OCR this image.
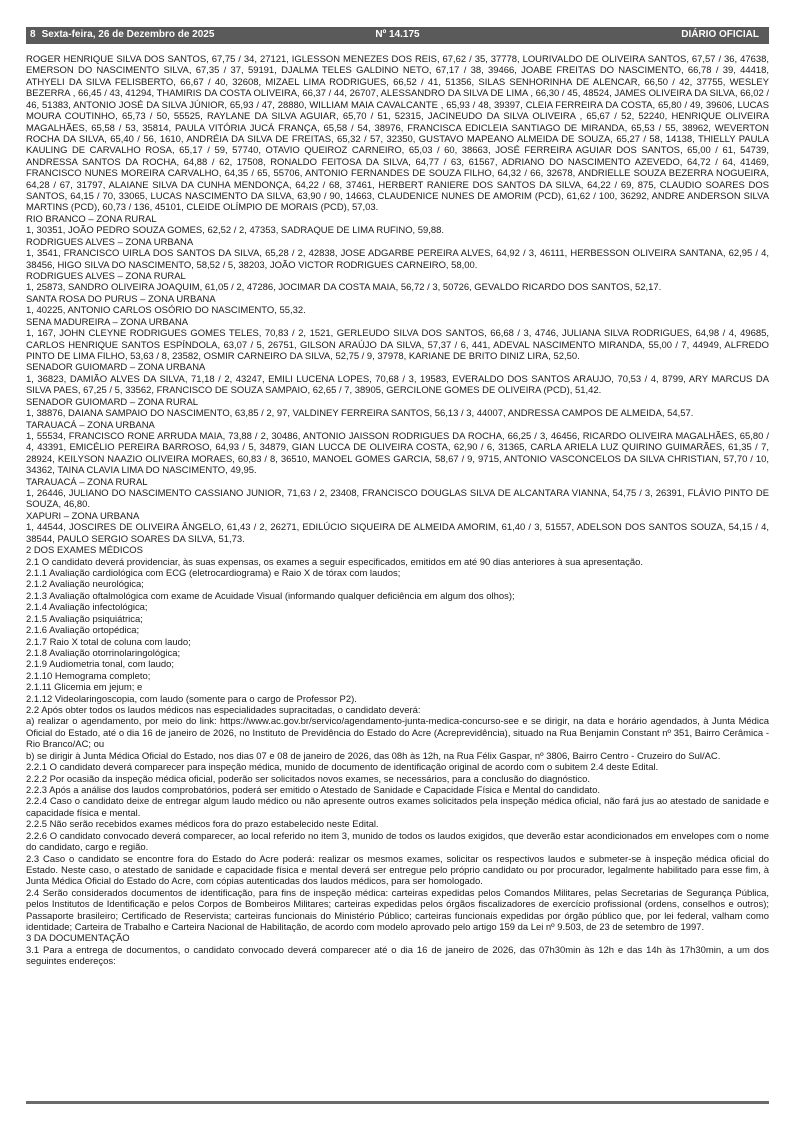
8 Sexta-feira, 26 de Dezembro de 2025	Nº 14.175	DIÁRIO OFICIAL

ROGER HENRIQUE SILVA DOS SANTOS, 67,75 / 34, 27121, IGLESSON MENEZES DOS REIS, 67,62 / 35, 37778, LOURIVALDO DE OLIVEIRA SANTOS, 67,57 / 36, 47638, EMERSON DO NASCIMENTO SILVA, 67,35 / 37, 59191, DJALMA TELES GALDINO NETO, 67,17 / 38, 39466, JOABE FREITAS DO NASCIMENTO, 66,78 / 39, 44418, ATHYELI DA SILVA FELISBERTO, 66,67 / 40, 32608, MIZAEL LIMA RODRIGUES, 66,52 / 41, 51356, SILAS SENHORINHA DE ALENCAR, 66,50 / 42, 37755, WESLEY BEZERRA , 66,45 / 43, 41294, THAMIRIS DA COSTA OLIVEIRA, 66,37 / 44, 26707, ALESSANDRO DA SILVA DE LIMA , 66,30 / 45, 48524, JAMES OLIVEIRA DA SILVA, 66,02 / 46, 51383, ANTONIO JOSÉ DA SILVA JÚNIOR, 65,93 / 47, 28880, WILLIAM MAIA CAVALCANTE , 65,93 / 48, 39397, CLEIA FERREIRA DA COSTA, 65,80 / 49, 39606, LUCAS MOURA COUTINHO, 65,73 / 50, 55525, RAYLANE DA SILVA AGUIAR, 65,70 / 51, 52315, JACINEUDO DA SILVA OLIVEIRA , 65,67 / 52, 52240, HENRIQUE OLIVEIRA MAGALHÃES, 65,58 / 53, 35814, PAULA VITÓRIA JUCÁ FRANÇA, 65,58 / 54, 38976, FRANCISCA EDICLEIA SANTIAGO DE MIRANDA, 65,53 / 55, 38962, WEVERTON ROCHA DA SILVA, 65,40 / 56, 1610, ANDRÉIA DA SILVA DE FREITAS, 65,32 / 57, 32350, GUSTAVO MAPEANO ALMEIDA DE SOUZA, 65,27 / 58, 14138, THIELLY PAULA KAULING DE CARVALHO ROSA, 65,17 / 59, 57740, OTAVIO QUEIROZ CARNEIRO, 65,03 / 60, 38663, JOSÉ FERREIRA AGUIAR DOS SANTOS, 65,00 / 61, 54739, ANDRESSA SANTOS DA ROCHA, 64,88 / 62, 17508, RONALDO FEITOSA DA SILVA, 64,77 / 63, 61567, ADRIANO DO NASCIMENTO AZEVEDO, 64,72 / 64, 41469, FRANCISCO NUNES MOREIRA CARVALHO, 64,35 / 65, 55706, ANTONIO FERNANDES DE SOUZA FILHO, 64,32 / 66, 32678, ANDRIELLE SOUZA BEZERRA NOGUEIRA, 64,28 / 67, 31797, ALAIANE SILVA DA CUNHA MENDONÇA, 64,22 / 68, 37461, HERBERT RANIERE DOS SANTOS DA SILVA, 64,22 / 69, 875, CLAUDIO SOARES DOS SANTOS, 64,15 / 70, 33065, LUCAS NASCIMENTO DA SILVA, 63,90 / 90, 14663, CLAUDENICE NUNES DE AMORIM (PCD), 61,62 / 100, 36292, ANDRE ANDERSON SILVA MARTINS (PCD), 60,73 / 136, 45101, CLEIDE OLÍMPIO DE MORAIS (PCD), 57,03.

RIO BRANCO – ZONA RURAL

1, 30351, JOÃO PEDRO SOUZA GOMES, 62,52 / 2, 47353, SADRAQUE DE LIMA RUFINO, 59,88.

RODRIGUES ALVES – ZONA URBANA

1, 3541, FRANCISCO UIRLA DOS SANTOS DA SILVA, 65,28 / 2, 42838, JOSE ADGARBE PEREIRA ALVES, 64,92 / 3, 46111, HERBESSON OLIVEIRA SANTANA, 62,95 / 4, 38456, HIGO SILVA DO NASCIMENTO, 58,52 / 5, 38203, JOÃO VICTOR RODRIGUES CARNEIRO, 58,00.

RODRIGUES ALVES – ZONA RURAL

1, 25873, SANDRO OLIVEIRA JOAQUIM, 61,05 / 2, 47286, JOCIMAR DA COSTA MAIA, 56,72 / 3, 50726, GEVALDO RICARDO DOS SANTOS, 52,17.

SANTA ROSA DO PURUS – ZONA URBANA

1, 40225, ANTONIO CARLOS OSÓRIO DO NASCIMENTO, 55,32.

SENA MADUREIRA – ZONA URBANA

1, 167, JOHN CLEYNE RODRIGUES GOMES TELES, 70,83 / 2, 1521, GERLEUDO SILVA DOS SANTOS, 66,68 / 3, 4746, JULIANA SILVA RODRIGUES, 64,98 / 4, 49685, CARLOS HENRIQUE SANTOS ESPÍNDOLA, 63,07 / 5, 26751, GILSON ARAÚJO DA SILVA, 57,37 / 6, 441, ADEVAL NASCIMENTO MIRANDA, 55,00 / 7, 44949, ALFREDO PINTO DE LIMA FILHO, 53,63 / 8, 23582, OSMIR CARNEIRO DA SILVA, 52,75 / 9, 37978, KARIANE DE BRITO DINIZ LIRA, 52,50.

SENADOR GUIOMARD – ZONA URBANA

1, 36823, DAMIÃO ALVES DA SILVA, 71,18 / 2, 43247, EMILI LUCENA LOPES, 70,68 / 3, 19583, EVERALDO DOS SANTOS ARAUJO, 70,53 / 4, 8799, ARY MARCUS DA SILVA PAES, 67,25 / 5, 33562, FRANCISCO DE SOUZA SAMPAIO, 62,65 / 7, 38905, GERCILONE GOMES DE OLIVEIRA (PCD), 51,42.

SENADOR GUIOMARD – ZONA RURAL

1, 38876, DAIANA SAMPAIO DO NASCIMENTO, 63,85 / 2, 97, VALDINEY FERREIRA SANTOS, 56,13 / 3, 44007, ANDRESSA CAMPOS DE ALMEIDA, 54,57.

TARAUACÁ – ZONA URBANA

1, 55534, FRANCISCO RONE ARRUDA MAIA, 73,88 / 2, 30486, ANTONIO JAISSON RODRIGUES DA ROCHA, 66,25 / 3, 46456, RICARDO OLIVEIRA MAGALHÃES, 65,80 / 4, 43391, EMICÉLIO PEREIRA BARROSO, 64,93 / 5, 34879, GIAN LUCCA DE OLIVEIRA COSTA, 62,90 / 6, 31365, CARLA ARIELA LUZ QUIRINO GUIMARÃES, 61,35 / 7, 28924, KEILYSON NAAZIO OLIVEIRA MORAES, 60,83 / 8, 36510, MANOEL GOMES GARCIA, 58,67 / 9, 9715, ANTONIO VASCONCELOS DA SILVA CHRISTIAN, 57,70 / 10, 34362, TAINA CLAVIA LIMA DO NASCIMENTO, 49,95.

TARAUACÁ – ZONA RURAL

1, 26446, JULIANO DO NASCIMENTO CASSIANO JUNIOR, 71,63 / 2, 23408, FRANCISCO DOUGLAS SILVA DE ALCANTARA VIANNA, 54,75 / 3, 26391, FLÁVIO PINTO DE SOUZA, 46,80.

XAPURI – ZONA URBANA

1, 44544, JOSCIRES DE OLIVEIRA ÂNGELO, 61,43 / 2, 26271, EDILÚCIO SIQUEIRA DE ALMEIDA AMORIM, 61,40 / 3, 51557, ADELSON DOS SANTOS SOUZA, 54,15 / 4, 38544, PAULO SERGIO SOARES DA SILVA, 51,73.

2 DOS EXAMES MÉDICOS

2.1 O candidato deverá providenciar, às suas expensas, os exames a seguir especificados, emitidos em até 90 dias anteriores à sua apresentação.

2.1.1 Avaliação cardiológica com ECG (eletrocardiograma) e Raio X de tórax com laudos;

2.1.2 Avaliação neurológica;

2.1.3 Avaliação oftalmológica com exame de Acuidade Visual (informando qualquer deficiência em algum dos olhos);

2.1.4 Avaliação infectológica;

2.1.5 Avaliação psiquiátrica;

2.1.6 Avaliação ortopédica;

2.1.7 Raio X total de coluna com laudo;

2.1.8 Avaliação otorrinolaringológica;

2.1.9 Audiometria tonal, com laudo;

2.1.10 Hemograma completo;

2.1.11 Glicemia em jejum; e

2.1.12 Videolaringoscopia, com laudo (somente para o cargo de Professor P2).

2.2 Após obter todos os laudos médicos nas especialidades supracitadas, o candidato deverá:

a) realizar o agendamento, por meio do link: https://www.ac.gov.br/servico/agendamento-junta-medica-concurso-see e se dirigir, na data e horário agendados, à Junta Médica Oficial do Estado, até o dia 16 de janeiro de 2026, no Instituto de Previdência do Estado do Acre (Acreprevidência), situado na Rua Benjamin Constant nº 351, Bairro Cerâmica - Rio Branco/AC; ou

b) se dirigir à Junta Médica Oficial do Estado, nos dias 07 e 08 de janeiro de 2026, das 08h às 12h, na Rua Félix Gaspar, nº 3806, Bairro Centro - Cruzeiro do Sul/AC.

2.2.1 O candidato deverá comparecer para inspeção médica, munido de documento de identificação original de acordo com o subitem 2.4 deste Edital.

2.2.2 Por ocasião da inspeção médica oficial, poderão ser solicitados novos exames, se necessários, para a conclusão do diagnóstico.

2.2.3 Após a análise dos laudos comprobatórios, poderá ser emitido o Atestado de Sanidade e Capacidade Física e Mental do candidato.

2.2.4 Caso o candidato deixe de entregar algum laudo médico ou não apresente outros exames solicitados pela inspeção médica oficial, não fará jus ao atestado de sanidade e capacidade física e mental.

2.2.5 Não serão recebidos exames médicos fora do prazo estabelecido neste Edital.

2.2.6 O candidato convocado deverá comparecer, ao local referido no item 3, munido de todos os laudos exigidos, que deverão estar acondicionados em envelopes com o nome do candidato, cargo e região.

2.3 Caso o candidato se encontre fora do Estado do Acre poderá: realizar os mesmos exames, solicitar os respectivos laudos e submeter-se à inspeção médica oficial do Estado. Neste caso, o atestado de sanidade e capacidade física e mental deverá ser entregue pelo próprio candidato ou por procurador, legalmente habilitado para esse fim, à Junta Médica Oficial do Estado do Acre, com cópias autenticadas dos laudos médicos, para ser homologado.

2.4 Serão considerados documentos de identificação, para fins de inspeção médica: carteiras expedidas pelos Comandos Militares, pelas Secretarias de Segurança Pública, pelos Institutos de Identificação e pelos Corpos de Bombeiros Militares; carteiras expedidas pelos órgãos fiscalizadores de exercício profissional (ordens, conselhos e outros); Passaporte brasileiro; Certificado de Reservista; carteiras funcionais do Ministério Público; carteiras funcionais expedidas por órgão público que, por lei federal, valham como identidade; Carteira de Trabalho e Carteira Nacional de Habilitação, de acordo com modelo aprovado pelo artigo 159 da Lei nº 9.503, de 23 de setembro de 1997.

3 DA DOCUMENTAÇÃO

3.1 Para a entrega de documentos, o candidato convocado deverá comparecer até o dia 16 de janeiro de 2026, das 07h30min às 12h e das 14h às 17h30min, a um dos seguintes endereços:
